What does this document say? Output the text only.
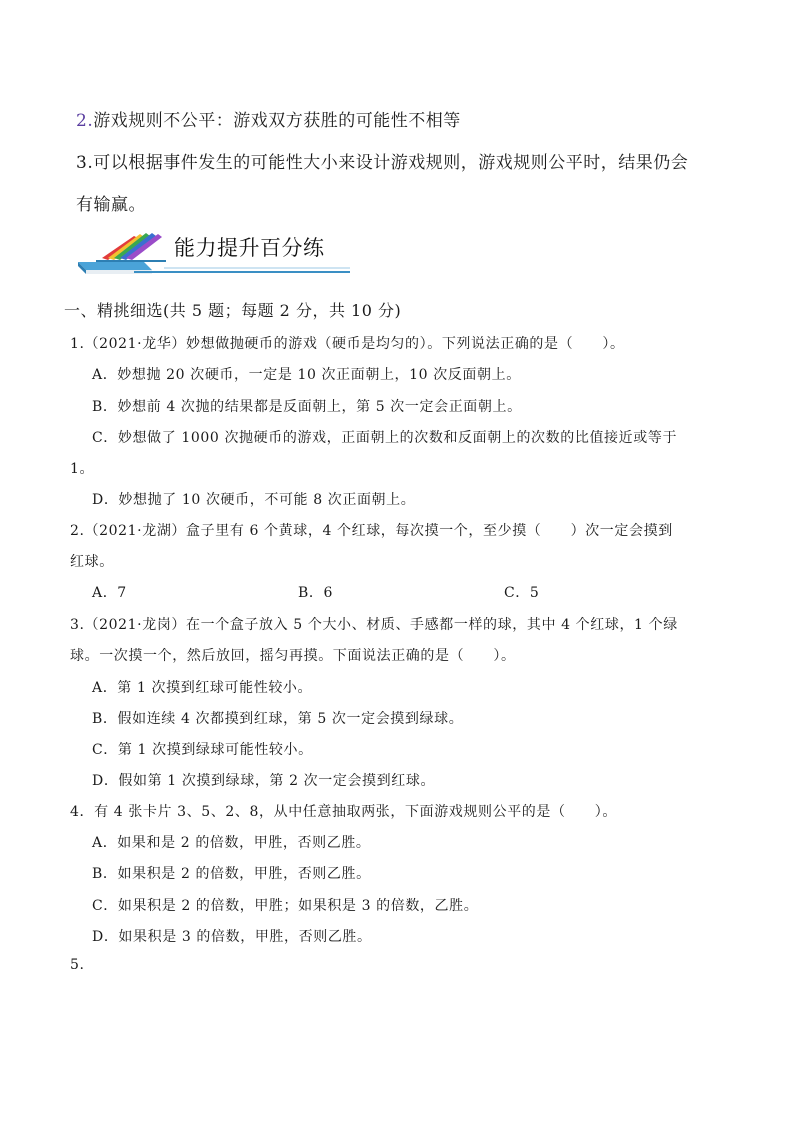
2.游戏规则不公平：游戏双方获胜的可能性不相等
3.可以根据事件发生的可能性大小来设计游戏规则，游戏规则公平时，结果仍会
有输赢。
能力提升百分练
一、精挑细选(共 5 题；每题 2 分，共 10 分)
1.（2021·龙华）妙想做抛硬币的游戏（硬币是均匀的）。下列说法正确的是（　　）。
A．妙想抛 20 次硬币，一定是 10 次正面朝上，10 次反面朝上。
B．妙想前 4 次抛的结果都是反面朝上，第 5 次一定会正面朝上。
C．妙想做了 1000 次抛硬币的游戏，正面朝上的次数和反面朝上的次数的比值接近或等于
1。
D．妙想抛了 10 次硬币，不可能 8 次正面朝上。
2.（2021·龙湖）盒子里有 6 个黄球，4 个红球，每次摸一个，至少摸（　　）次一定会摸到
红球。
A．7	B．6	C．5
3.（2021·龙岗）在一个盒子放入 5 个大小、材质、手感都一样的球，其中 4 个红球，1 个绿
球。一次摸一个，然后放回，摇匀再摸。下面说法正确的是（　　）。
A．第 1 次摸到红球可能性较小。
B．假如连续 4 次都摸到红球，第 5 次一定会摸到绿球。
C．第 1 次摸到绿球可能性较小。
D．假如第 1 次摸到绿球，第 2 次一定会摸到红球。
4．有 4 张卡片 3、5、2、8，从中任意抽取两张，下面游戏规则公平的是（　　）。
A．如果和是 2 的倍数，甲胜，否则乙胜。
B．如果积是 2 的倍数，甲胜，否则乙胜。
C．如果积是 2 的倍数，甲胜；如果积是 3 的倍数，乙胜。
D．如果积是 3 的倍数，甲胜，否则乙胜。
5.
